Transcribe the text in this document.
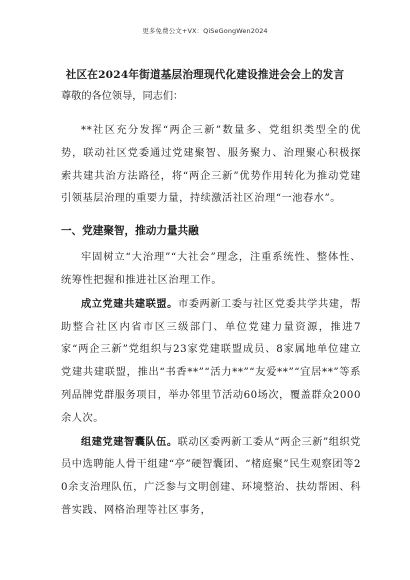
更多免费公文+VX：QiSeGongWen2024
社区在2024年街道基层治理现代化建设推进会会上的发言
尊敬的各位领导，同志们：

**社区充分发挥“两企三新”数量多、党组织类型全的优势，联动社区党委通过党建聚智、服务聚力、治理聚心积极探索共建共治方法路径，将“两企三新”优势作用转化为推动党建引领基层治理的重要力量，持续激活社区治理“一池春水”。

一、党建聚智，推动力量共融

牢固树立“大治理”“大社会”理念，注重系统性、整体性、统筹性把握和推进社区治理工作。

成立党建共建联盟。市委两新工委与社区党委共学共建，帮助整合社区内省市区三级部门、单位党建力量资源，推进7家“两企三新”党组织与23家党建联盟成员、8家属地单位建立党建共建联盟，推出“书香**”“活力**”“友爱**”“宜居**”等系列品牌党群服务项目，举办邻里节活动60场次，覆盖群众2000余人次。

组建党建智囊队伍。联动区委两新工委从“两企三新”组织党员中选聘能人骨干组建“亭”硬智囊团、“楮庭聚”民生观察团等20余支治理队伍，广泛参与文明创建、环境整治、扶幼帮困、科普实践、网格治理等社区事务，
